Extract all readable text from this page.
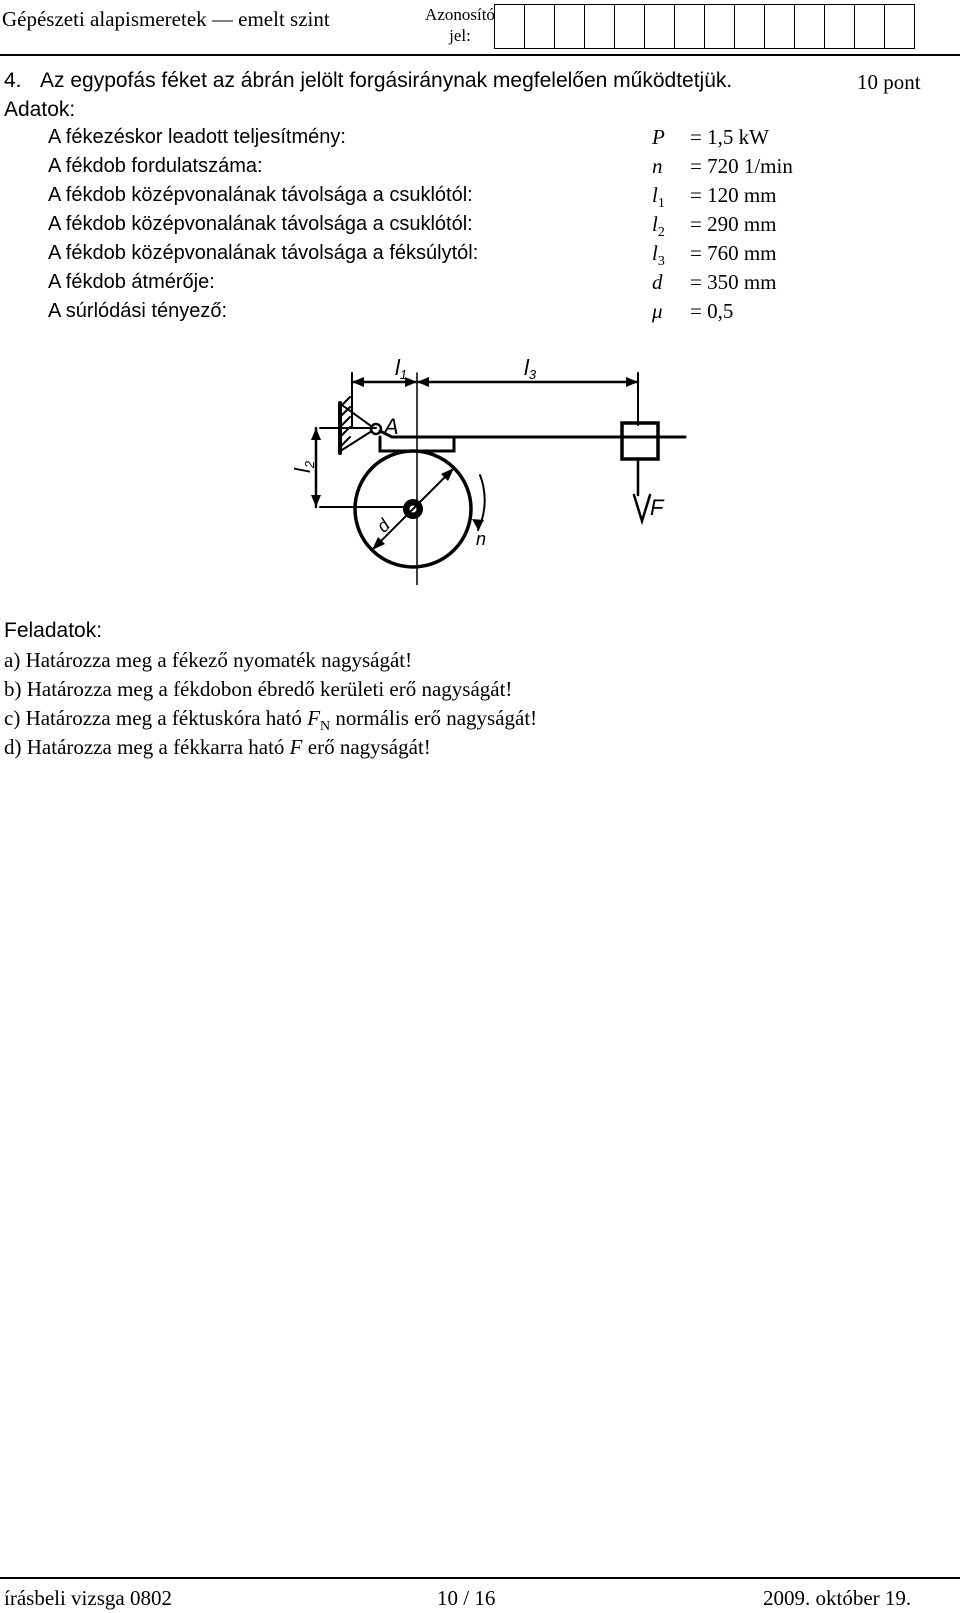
Gépészeti alapismeretek — emelt szint	Azonosító
jel:
4. Az egypofás féket az ábrán jelölt forgásiránynak megfelelően működtetjük.	10 pont
Adatok:
A fékezéskor leadott teljesítmény:	P = 1,5 kW
A fékdob fordulatszáma:	n = 720 1/min
A fékdob középvonalának távolsága a csuklótól:	$l_1 = 120$ mm
A fékdob középvonalának távolsága a csuklótól:	$l_2 = 290$ mm
A fékdob középvonalának távolsága a féksúlytól:	$l_3 = 760$ mm
A fékdob átmérője:	d = 350 mm
A súrlódási tényező:	μ = 0,5
l1	l3
A
l2
d
n
F
Feladatok:
a) Határozza meg a fékező nyomaték nagyságát!
b) Határozza meg a fékdobon ébredő kerületi erő nagyságát!
c) Határozza meg a féktuskóra ható $F_N$ normális erő nagyságát!
d) Határozza meg a fékkarra ható F erő nagyságát!
írásbeli vizsga 0802	10 / 16	2009. október 19.
